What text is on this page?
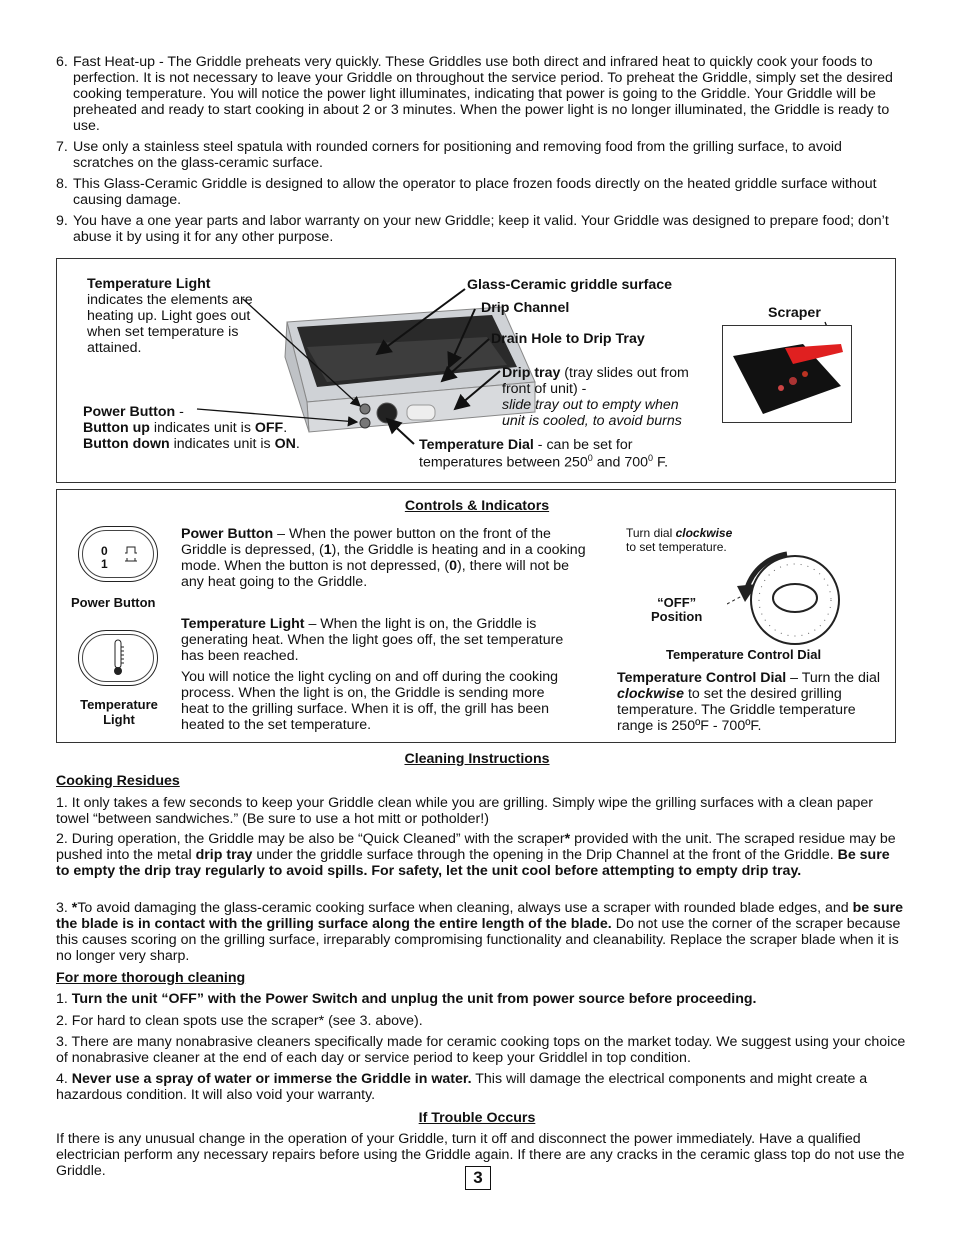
6. Fast Heat-up - The Griddle preheats very quickly. These Griddles use both direct and infrared heat to quickly cook your foods to perfection. It is not necessary to leave your Griddle on throughout the service period. To preheat the Griddle, simply set the desired cooking temperature. You will notice the power light illuminates, indicating that power is going to the Griddle. Your Griddle will be preheated and ready to start cooking in about 2 or 3 minutes. When the power light is no longer illuminated, the Griddle is ready to use.
7. Use only a stainless steel spatula with rounded corners for positioning and removing food from the grilling surface, to avoid scratches on the glass-ceramic surface.
8. This Glass-Ceramic Griddle is designed to allow the operator to place frozen foods directly on the heated griddle surface without causing damage.
9. You have a one year parts and labor warranty on your new Griddle; keep it valid. Your Griddle was designed to prepare food; don’t abuse it by using it for any other purpose.
Temperature Light
indicates the elements are heating up. Light goes out when set temperature is attained.
Power Button -
Button up indicates unit is OFF.
Button down indicates unit is ON.
Glass-Ceramic griddle surface
Drip Channel
Drain Hole to Drip Tray
Drip tray (tray slides out from front of unit) -
slide tray out to empty when unit is cooled, to avoid burns
Temperature Dial - can be set for temperatures between $250^0$ and $700^0$ F.
Scraper
Controls & Indicators
0
1
Power Button
Temperature Light
Power Button – When the power button on the front of the Griddle is depressed, (1), the Griddle is heating and in a cooking mode. When the button is not depressed, (0), there will not be any heat going to the Griddle.
Temperature Light – When the light is on, the Griddle is generating heat. When the light goes off, the set temperature has been reached.
You will notice the light cycling on and off during the cooking process. When the light is on, the Griddle is sending more heat to the grilling surface. When it is off, the grill has been heated to the set temperature.
Turn dial clockwise
to set temperature.
“OFF”
Position
Temperature Control Dial
Temperature Control Dial – Turn the dial clockwise to set the desired grilling temperature. The Griddle temperature range is 250ºF - 700ºF.
Cleaning Instructions
Cooking Residues
1. It only takes a few seconds to keep your Griddle clean while you are grilling. Simply wipe the grilling surfaces with a clean paper towel “between sandwiches.” (Be sure to use a hot mitt or potholder!)
2. During operation, the Griddle may be also be “Quick Cleaned” with the scraper* provided with the unit. The scraped residue may be pushed into the metal drip tray under the griddle surface through the opening in the Drip Channel at the front of the Griddle. Be sure to empty the drip tray regularly to avoid spills. For safety, let the unit cool before attempting to empty drip tray.
3. *To avoid damaging the glass-ceramic cooking surface when cleaning, always use a scraper with rounded blade edges, and be sure the blade is in contact with the grilling surface along the entire length of the blade. Do not use the corner of the scraper because this causes scoring on the grilling surface, irreparably compromising functionality and cleanability. Replace the scraper blade when it is no longer very sharp.
For more thorough cleaning
1. Turn the unit “OFF” with the Power Switch and unplug the unit from power source before proceeding.
2. For hard to clean spots use the scraper* (see 3. above).
3. There are many nonabrasive cleaners specifically made for ceramic cooking tops on the market today. We suggest using your choice of nonabrasive cleaner at the end of each day or service period to keep your Griddlel in top condition.
4. Never use a spray of water or immerse the Griddle in water. This will damage the electrical components and might create a hazardous condition. It will also void your warranty.
If Trouble Occurs
If there is any unusual change in the operation of your Griddle, turn it off and disconnect the power immediately. Have a qualified electrician perform any necessary repairs before using the Griddle again. If there are any cracks in the ceramic glass top do not use the Griddle.	3
